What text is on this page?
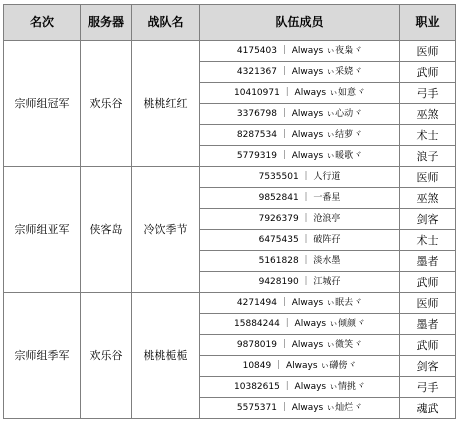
名次	服务器	战队名	队伍成员	职业
宗师组冠军	欢乐谷	桃桃红红	4175403 ｜ Always ぃ夜枭ヾ	医师
			4321367 ｜ Always ぃ采娆ヾ	武师
			10410971 ｜ Always ぃ如意ヾ	弓手
			3376798 ｜ Always ぃ心动ヾ	巫煞
			8287534 ｜ Always ぃ结萝ヾ	术士
			5779319 ｜ Always ぃ暖歌ヾ	浪子
宗师组亚军	侠客岛	冷饮季节	7535501 ｜ 人行道	医师
			9852841 ｜ 一番星	巫煞
			7926379 ｜ 沧浪亭	剑客
			6475435 ｜ 破阵孖	术士
			5161828 ｜ 淡水墨	墨者
			9428190 ｜ 江城孖	武师
宗师组季军	欢乐谷	桃桃栀栀	4271494 ｜ Always ぃ眠去ヾ	医师
			15884244 ｜ Always ぃ倾颜ヾ	墨者
			9878019 ｜ Always ぃ微笑ヾ	武师
			10849 ｜ Always ぃ礴傍ヾ	剑客
			10382615 ｜ Always ぃ情挑ヾ	弓手
			5575371 ｜ Always ぃ灿烂ヾ	魂武
